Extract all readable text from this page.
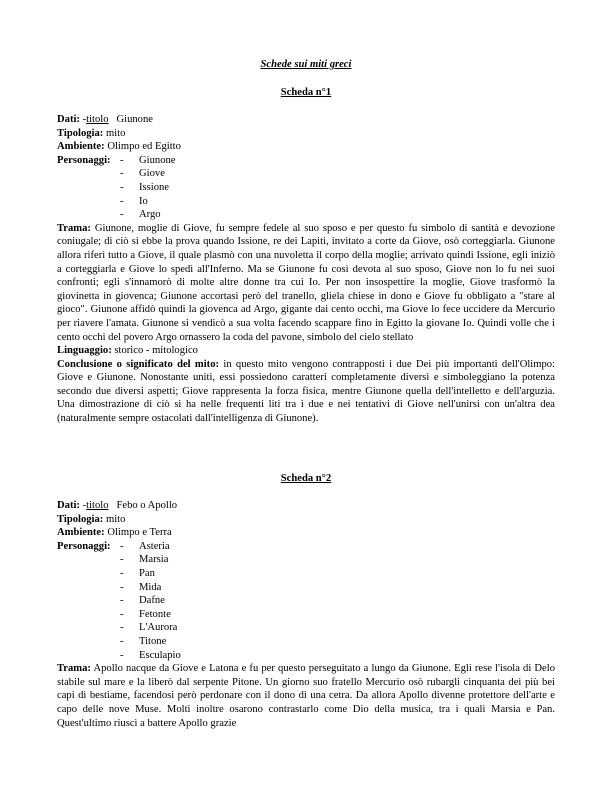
Schede sui miti greci
Scheda n°1
Dati: -titolo Giunone
Tipologia: mito
Ambiente: Olimpo ed Egitto
Personaggi: - Giunone
- Giove
- Issione
- Io
- Argo

Trama: Giunone, moglie di Giove, fu sempre fedele al suo sposo e per questo fu simbolo di santità e devozione coniugale; di ciò si ebbe la prova quando Issione, re dei Lapiti, invitato a corte da Giove, osò corteggiarla. Giunone allora riferì tutto a Giove, il quale plasmò con una nuvoletta il corpo della moglie; arrivato quindi Issione, egli iniziò a corteggiarla e Giove lo spedì all'Inferno. Ma se Giunone fu così devota al suo sposo, Giove non lo fu nei suoi confronti; egli s'innamorò di molte altre donne tra cui Io. Per non insospettire la moglie, Giove trasformò la giovinetta in giovenca; Giunone accortasi però del tranello, gliela chiese in dono e Giove fu obbligato a "stare al gioco". Giunone affidò quindi la giovenca ad Argo, gigante dai cento occhi, ma Giove lo fece uccidere da Mercurio per riavere l'amata. Giunone si vendicò a sua volta facendo scappare fino in Egitto la giovane Io. Quindi volle che i cento occhi del povero Argo ornassero la coda del pavone, simbolo del cielo stellato

Linguaggio: storico - mitologico

Conclusione o significato del mito: in questo mito vengono contrapposti i due Dei più importanti dell'Olimpo: Giove e Giunone. Nonostante uniti, essi possiedono caratteri completamente diversi e simboleggiano la potenza secondo due diversi aspetti; Giove rappresenta la forza fisica, mentre Giunone quella dell'intelletto e dell'arguzia. Una dimostrazione di ciò si ha nelle frequenti liti tra i due e nei tentativi di Giove nell'unirsi con un'altra dea (naturalmente sempre ostacolati dall'intelligenza di Giunone).

Scheda n°2
Dati: -titolo Febo o Apollo
Tipologia: mito
Ambiente: Olimpo e Terra
Personaggi: - Asteria
- Marsia
- Pan
- Mida
- Dafne
- Fetonte
- L'Aurora
- Titone
- Esculapio

Trama: Apollo nacque da Giove e Latona e fu per questo perseguitato a lungo da Giunone. Egli rese l'isola di Delo stabile sul mare e la liberò dal serpente Pitone. Un giorno suo fratello Mercurio osò rubargli cinquanta dei più bei capi di bestiame, facendosi però perdonare con il dono di una cetra. Da allora Apollo divenne protettore dell'arte e capo delle nove Muse. Molti inoltre osarono contrastarlo come Dio della musica, tra i quali Marsia e Pan. Quest'ultimo riuscì a battere Apollo grazie
